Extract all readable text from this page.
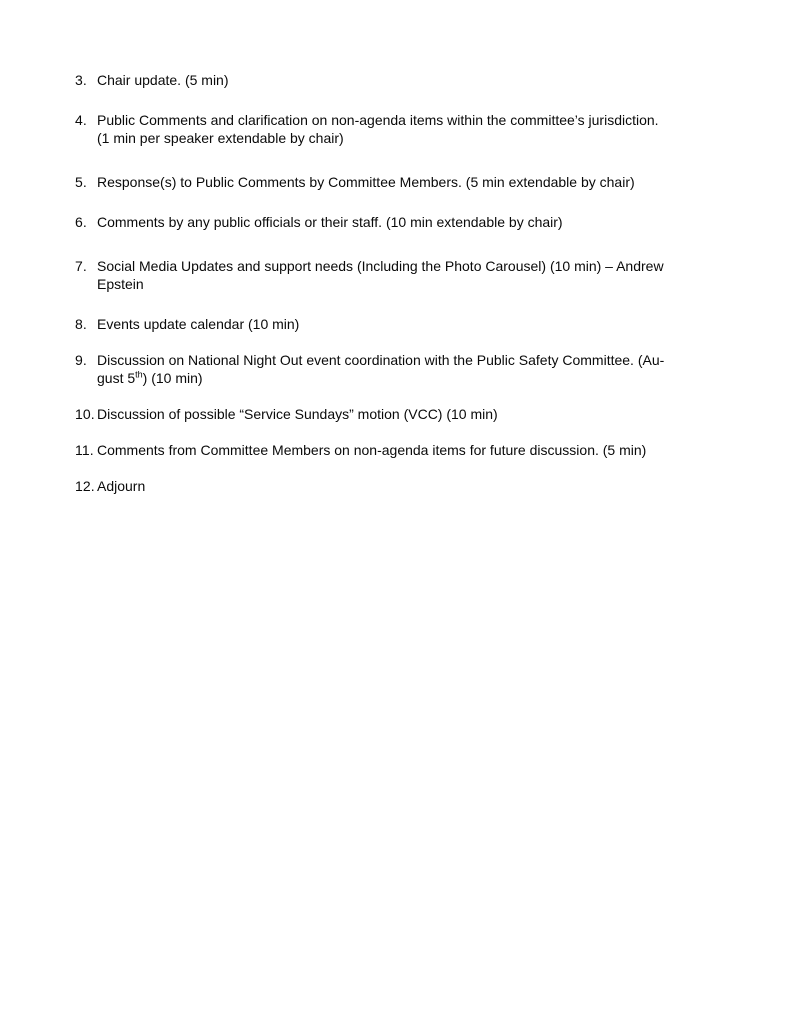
3. Chair update. (5 min)
4. Public Comments and clarification on non-agenda items within the committee’s jurisdiction.
(1 min per speaker extendable by chair)
5. Response(s) to Public Comments by Committee Members. (5 min extendable by chair)
6. Comments by any public officials or their staff. (10 min extendable by chair)
7. Social Media Updates and support needs (Including the Photo Carousel) (10 min) – Andrew
Epstein
8. Events update calendar (10 min)
9. Discussion on National Night Out event coordination with the Public Safety Committee. (Au-
gust 5th) (10 min)
10. Discussion of possible “Service Sundays” motion (VCC) (10 min)
11. Comments from Committee Members on non-agenda items for future discussion. (5 min)
12. Adjourn
